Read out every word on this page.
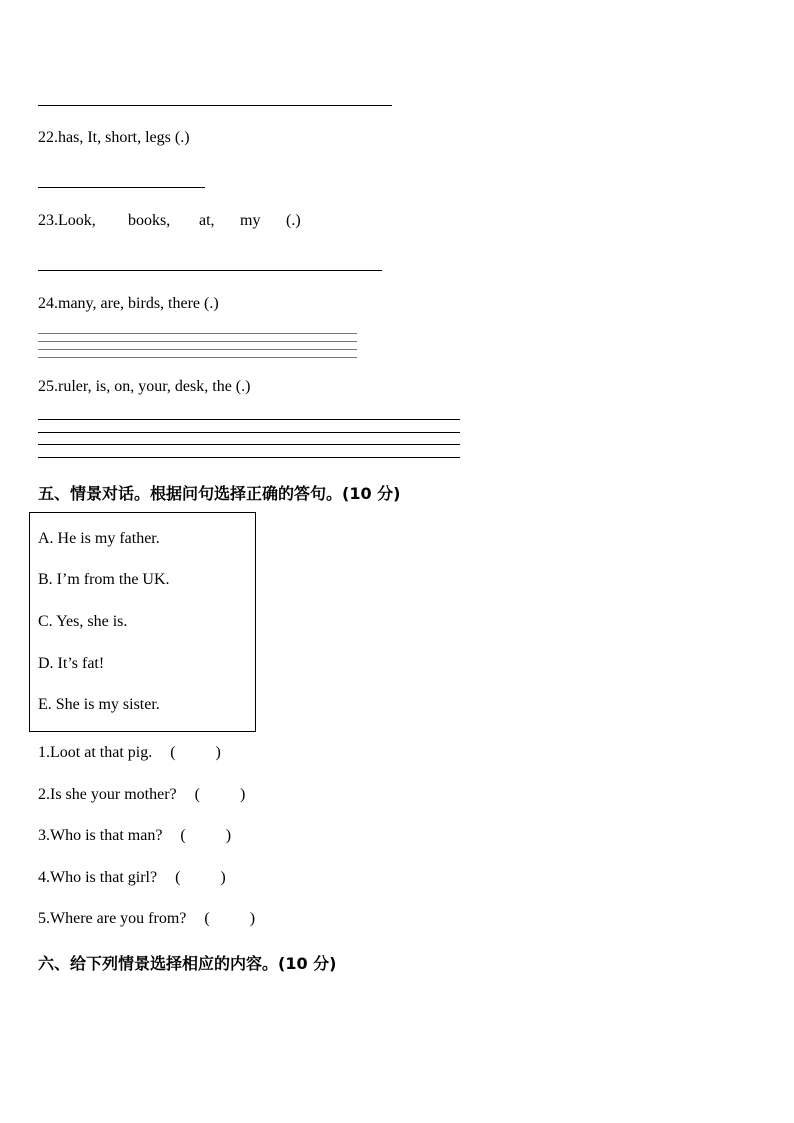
22.has, It, short, legs (.)
23.Look, books, at, my (.)
24.many, are, birds, there (.)
25.ruler, is, on, your, desk, the (.)
五、情景对话。根据问句选择正确的答句。(10 分)
A. He is my father.
B. I’m from the UK.
C. Yes, she is.
D. It’s fat!
E. She is my sister.
1.Loot at that pig. (          )
2.Is she your mother? (          )
3.Who is that man? (          )
4.Who is that girl? (          )
5.Where are you from? (          )
六、给下列情景选择相应的内容。(10 分)
